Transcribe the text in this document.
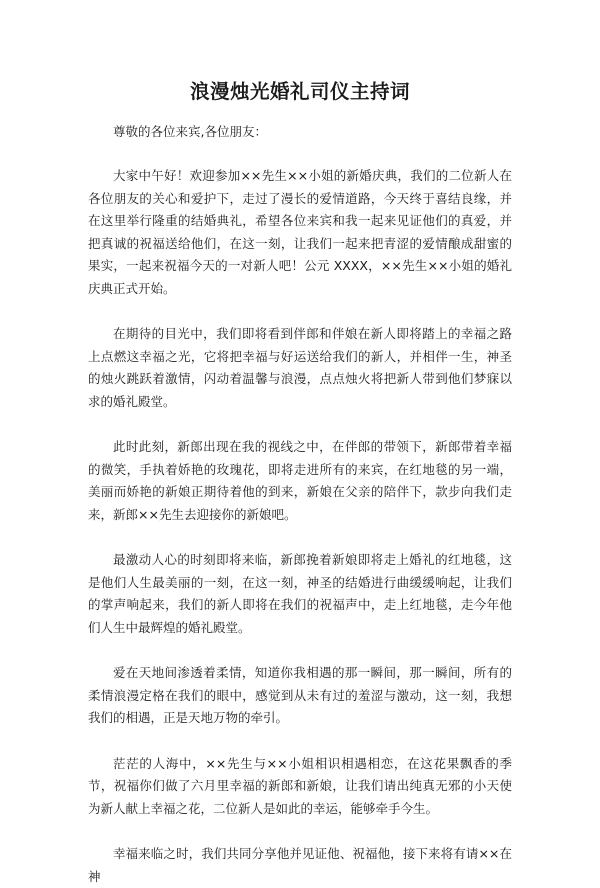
浪漫烛光婚礼司仪主持词
尊敬的各位来宾,各位朋友：
大家中午好！欢迎参加××先生××小姐的新婚庆典，我们的二位新人在各位朋友的关心和爱护下，走过了漫长的爱情道路，今天终于喜结良缘，并在这里举行隆重的结婚典礼，希望各位来宾和我一起来见证他们的真爱，并把真诚的祝福送给他们，在这一刻，让我们一起来把青涩的爱情酿成甜蜜的果实，一起来祝福今天的一对新人吧！公元 XXXX，××先生××小姐的婚礼庆典正式开始。
在期待的目光中，我们即将看到伴郎和伴娘在新人即将踏上的幸福之路上点燃这幸福之光，它将把幸福与好运送给我们的新人，并相伴一生，神圣的烛火跳跃着激情，闪动着温馨与浪漫，点点烛火将把新人带到他们梦寐以求的婚礼殿堂。
此时此刻，新郎出现在我的视线之中，在伴郎的带领下，新郎带着幸福的微笑，手执着娇艳的玫瑰花，即将走进所有的来宾，在红地毯的另一端，美丽而娇艳的新娘正期待着他的到来，新娘在父亲的陪伴下，款步向我们走来，新郎××先生去迎接你的新娘吧。
最激动人心的时刻即将来临，新郎挽着新娘即将走上婚礼的红地毯，这是他们人生最美丽的一刻，在这一刻，神圣的结婚进行曲缓缓响起，让我们的掌声响起来，我们的新人即将在我们的祝福声中，走上红地毯，走今年他们人生中最辉煌的婚礼殿堂。
爱在天地间渗透着柔情，知道你我相遇的那一瞬间，那一瞬间，所有的柔情浪漫定格在我们的眼中，感觉到从未有过的羞涩与激动，这一刻，我想我们的相遇，正是天地万物的牵引。
茫茫的人海中，××先生与××小姐相识相遇相恋，在这花果飘香的季节，祝福你们做了六月里幸福的新郎和新娘，让我们请出纯真无邪的小天使为新人献上幸福之花，二位新人是如此的幸运，能够牵手今生。
幸福来临之时，我们共同分享他并见证他、祝福他，接下来将有请××在神
